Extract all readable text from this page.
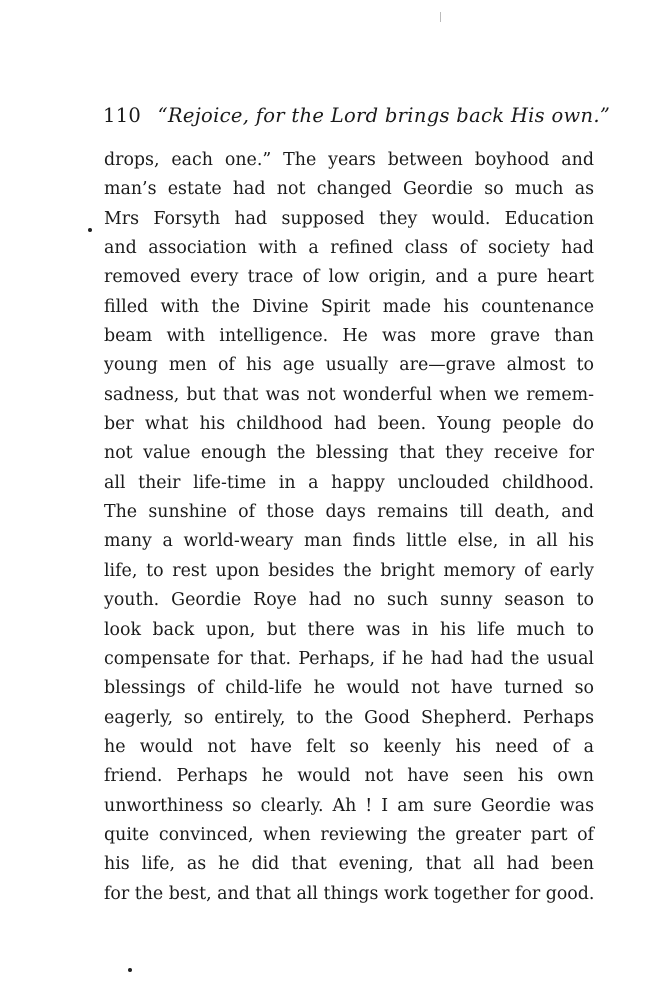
110 “Rejoice, for the Lord brings back His own.”
drops, each one.” The years between boyhood and
man’s estate had not changed Geordie so much as
Mrs Forsyth had supposed they would. Education
and association with a refined class of society had
removed every trace of low origin, and a pure heart
filled with the Divine Spirit made his countenance
beam with intelligence. He was more grave than
young men of his age usually are—grave almost to
sadness, but that was not wonderful when we remem-
ber what his childhood had been. Young people do
not value enough the blessing that they receive for
all their life-time in a happy unclouded childhood.
The sunshine of those days remains till death, and
many a world-weary man finds little else, in all his
life, to rest upon besides the bright memory of early
youth. Geordie Roye had no such sunny season to
look back upon, but there was in his life much to
compensate for that. Perhaps, if he had had the usual
blessings of child-life he would not have turned so
eagerly, so entirely, to the Good Shepherd. Perhaps
he would not have felt so keenly his need of a
friend. Perhaps he would not have seen his own
unworthiness so clearly. Ah ! I am sure Geordie was
quite convinced, when reviewing the greater part of
his life, as he did that evening, that all had been
for the best, and that all things work together for good.
